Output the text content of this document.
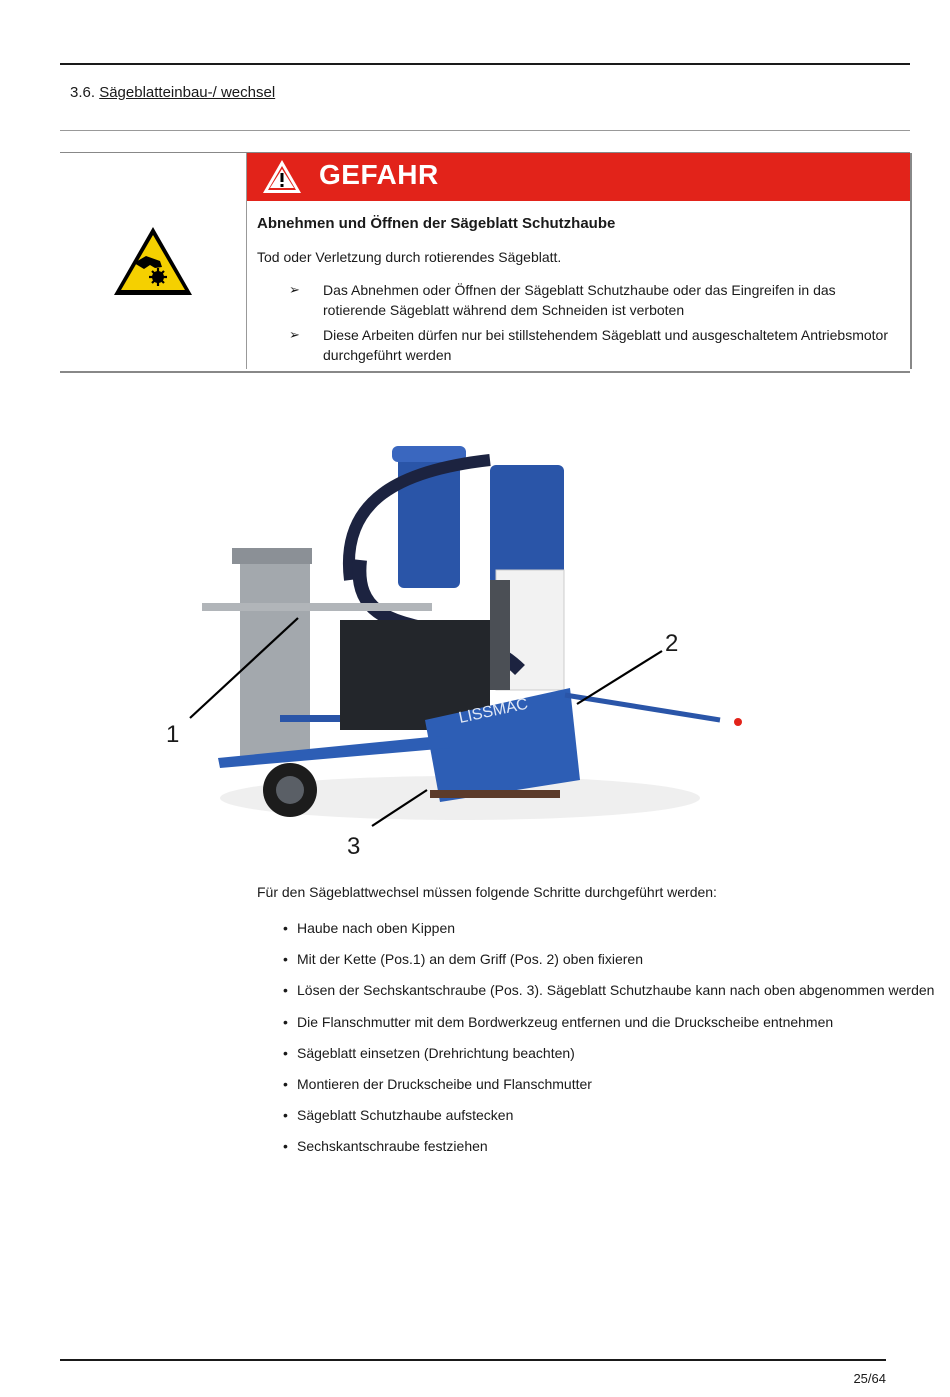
3.6. Sägeblatteinbau-/ wechsel
GEFAHR
Abnehmen und Öffnen der Sägeblatt Schutzhaube
Tod oder Verletzung durch rotierendes Sägeblatt.
➢ Das Abnehmen oder Öffnen der Sägeblatt Schutzhaube oder das Eingreifen in das rotierende Sägeblatt während dem Schneiden ist verboten
➢ Diese Arbeiten dürfen nur bei stillstehendem Sägeblatt und ausgeschaltetem Antriebsmotor durchgeführt werden
LISSMAC
1
2
3
Für den Sägeblattwechsel müssen folgende Schritte durchgeführt werden:
• Haube nach oben Kippen
• Mit der Kette (Pos.1) an dem Griff (Pos. 2) oben fixieren
• Lösen der Sechskantschraube (Pos. 3). Sägeblatt Schutzhaube kann nach oben abgenommen werden
• Die Flanschmutter mit dem Bordwerkzeug entfernen und die Druckscheibe entnehmen
• Sägeblatt einsetzen (Drehrichtung beachten)
• Montieren der Druckscheibe und Flanschmutter
• Sägeblatt Schutzhaube aufstecken
• Sechskantschraube festziehen
25/64
